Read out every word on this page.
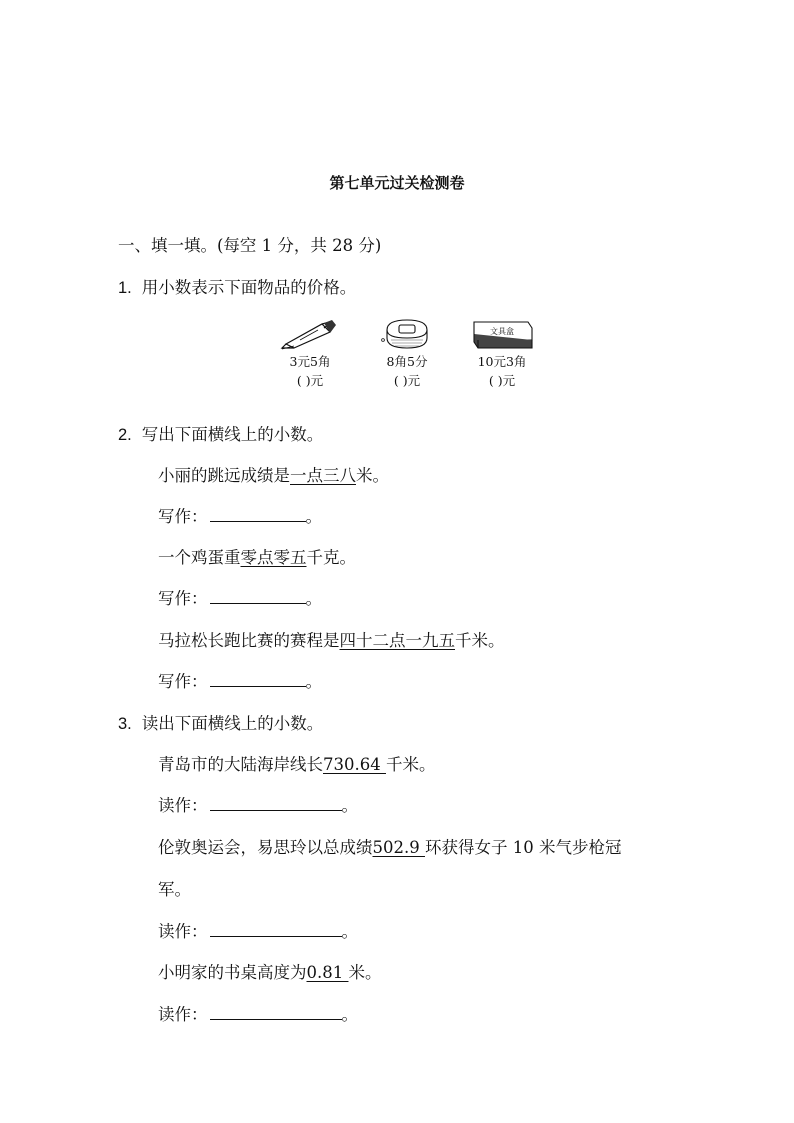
第七单元过关检测卷
一、填一填。(每空 1 分，共 28 分)
1. 用小数表示下面物品的价格。
3元5角
( )元
8角5分
( )元
文具盒
10元3角
( )元
2. 写出下面横线上的小数。
小丽的跳远成绩是一点三八米。
写作：	。
一个鸡蛋重零点零五千克。
写作：	。
马拉松长跑比赛的赛程是四十二点一九五千米。
写作：	。
3. 读出下面横线上的小数。
青岛市的大陆海岸线长730.64 千米。
读作：	。
伦敦奥运会，易思玲以总成绩502.9 环获得女子 10 米气步枪冠
军。
读作：	。
小明家的书桌高度为0.81 米。
读作：	。
